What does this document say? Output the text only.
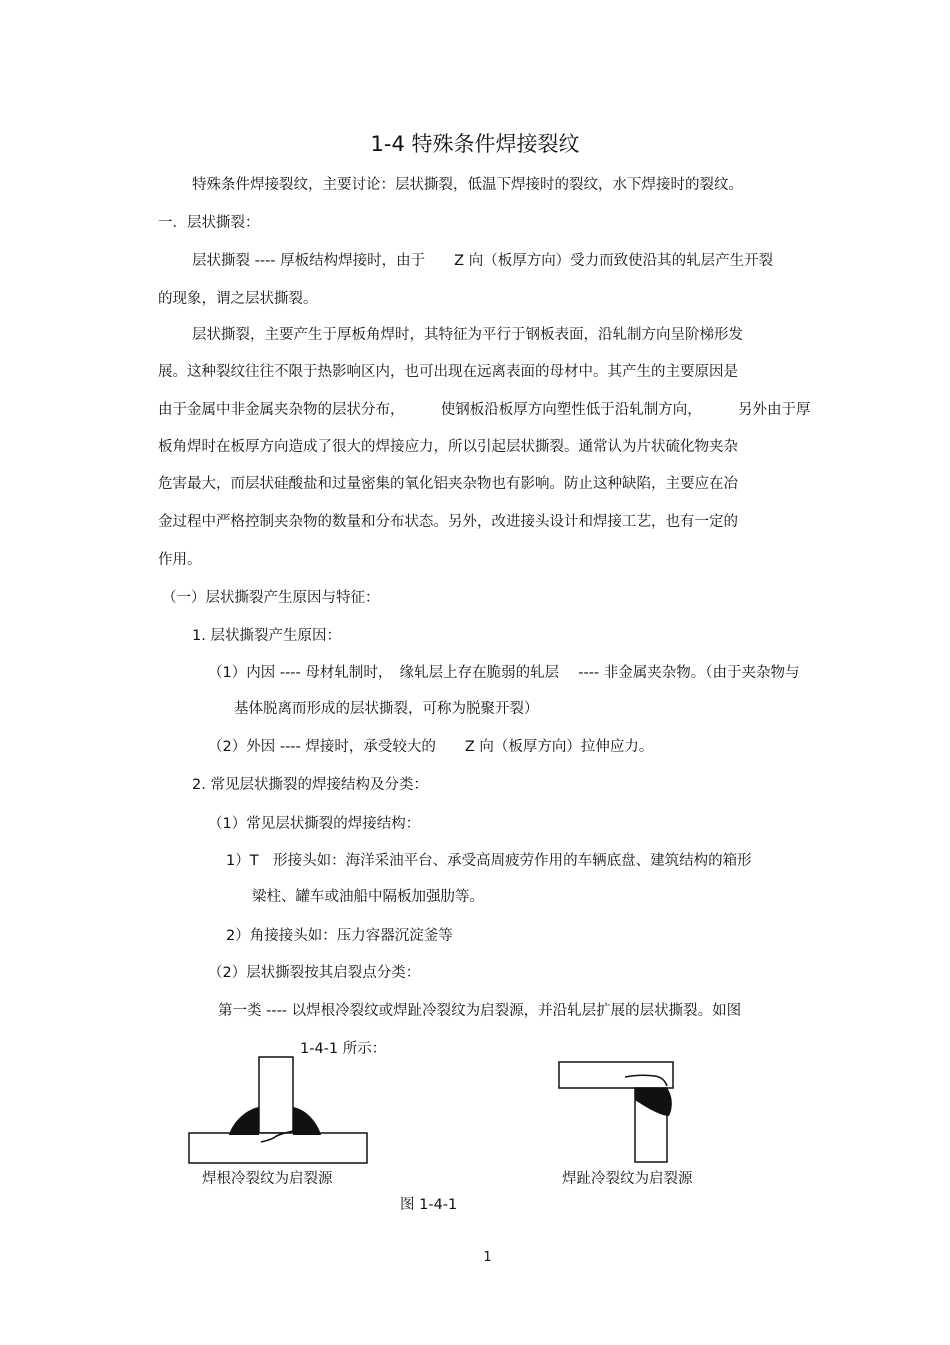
1-4 特殊条件焊接裂纹
特殊条件焊接裂纹，主要讨论：层状撕裂，低温下焊接时的裂纹，水下焊接时的裂纹。
一．层状撕裂：
层状撕裂 ---- 厚板结构焊接时，由于　　Z 向（板厚方向）受力而致使沿其的轧层产生开裂
的现象，谓之层状撕裂。
层状撕裂，主要产生于厚板角焊时，其特征为平行于钢板表面，沿轧制方向呈阶梯形发
展。这种裂纹往往不限于热影响区内，也可出现在远离表面的母材中。其产生的主要原因是
由于金属中非金属夹杂物的层状分布，　　　使钢板沿板厚方向塑性低于沿轧制方向，　　　另外由于厚
板角焊时在板厚方向造成了很大的焊接应力，所以引起层状撕裂。通常认为片状硫化物夹杂
危害最大，而层状硅酸盐和过量密集的氧化铝夹杂物也有影响。防止这种缺陷，主要应在冶
金过程中严格控制夹杂物的数量和分布状态。另外，改进接头设计和焊接工艺，也有一定的
作用。
（一）层状撕裂产生原因与特征：
1. 层状撕裂产生原因：
（1）内因 ---- 母材轧制时，　缘轧层上存在脆弱的轧层　 ---- 非金属夹杂物。（由于夹杂物与
基体脱离而形成的层状撕裂，可称为脱聚开裂）
（2）外因 ---- 焊接时，承受较大的　　Z 向（板厚方向）拉伸应力。
2. 常见层状撕裂的焊接结构及分类：
（1）常见层状撕裂的焊接结构：
1）T　形接头如：海洋采油平台、承受高周疲劳作用的车辆底盘、建筑结构的箱形
梁柱、罐车或油船中隔板加强肋等。
2）角接接头如：压力容器沉淀釜等
（2）层状撕裂按其启裂点分类：
第一类 ---- 以焊根冷裂纹或焊趾冷裂纹为启裂源，并沿轧层扩展的层状撕裂。如图
1-4-1 所示：
焊根冷裂纹为启裂源	焊趾冷裂纹为启裂源
图 1-4-1
1
